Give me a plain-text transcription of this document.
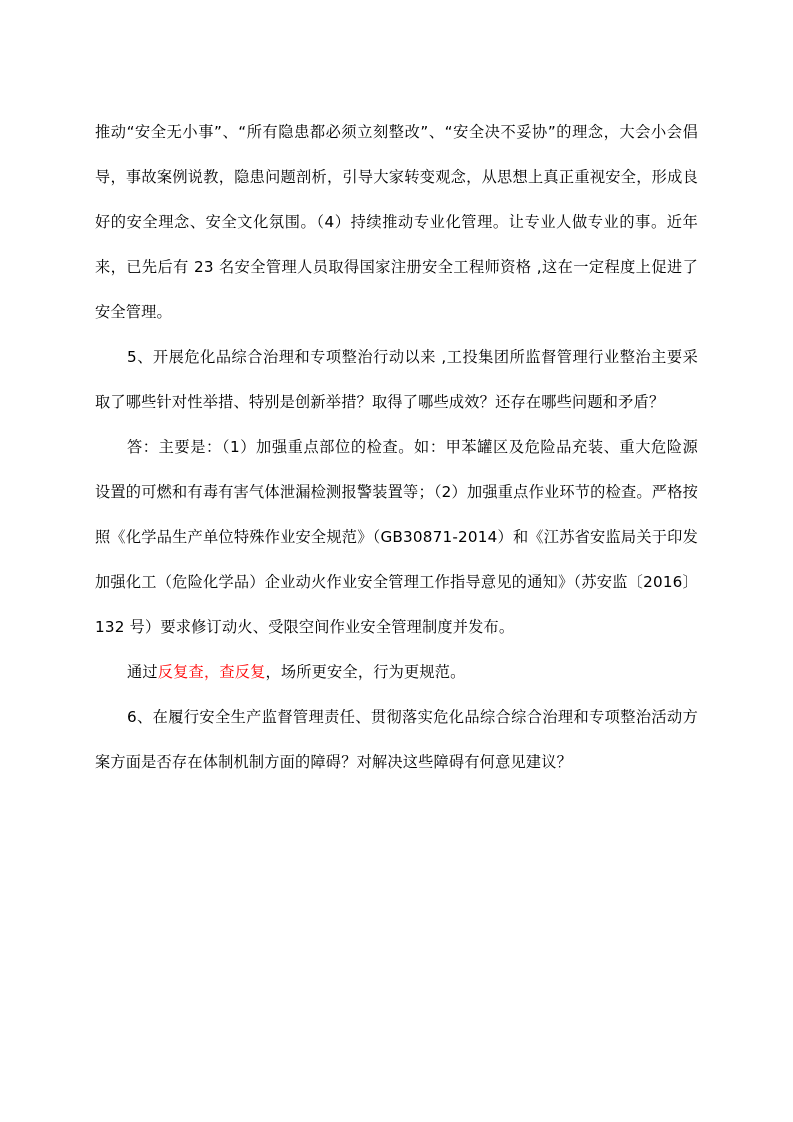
推动“安全无小事”、“所有隐患都必须立刻整改”、“安全决不妥协”的理念，大会小会倡导，事故案例说教，隐患问题剖析，引导大家转变观念，从思想上真正重视安全，形成良好的安全理念、安全文化氛围。（4）持续推动专业化管理。让专业人做专业的事。近年来，已先后有 23 名安全管理人员取得国家注册安全工程师资格 ,这在一定程度上促进了安全管理。

5、开展危化品综合治理和专项整治行动以来 ,工投集团所监督管理行业整治主要采取了哪些针对性举措、特别是创新举措？取得了哪些成效？还存在哪些问题和矛盾？

答：主要是：（1）加强重点部位的检查。如：甲苯罐区及危险品充装、重大危险源设置的可燃和有毒有害气体泄漏检测报警装置等；（2）加强重点作业环节的检查。严格按照《化学品生产单位特殊作业安全规范》（GB30871-2014）和《江苏省安监局关于印发加强化工（危险化学品）企业动火作业安全管理工作指导意见的通知》（苏安监〔2016〕132 号）要求修订动火、受限空间作业安全管理制度并发布。

通过反复查，查反复，场所更安全，行为更规范。

6、在履行安全生产监督管理责任、贯彻落实危化品综合综合治理和专项整治活动方案方面是否存在体制机制方面的障碍？对解决这些障碍有何意见建议？
